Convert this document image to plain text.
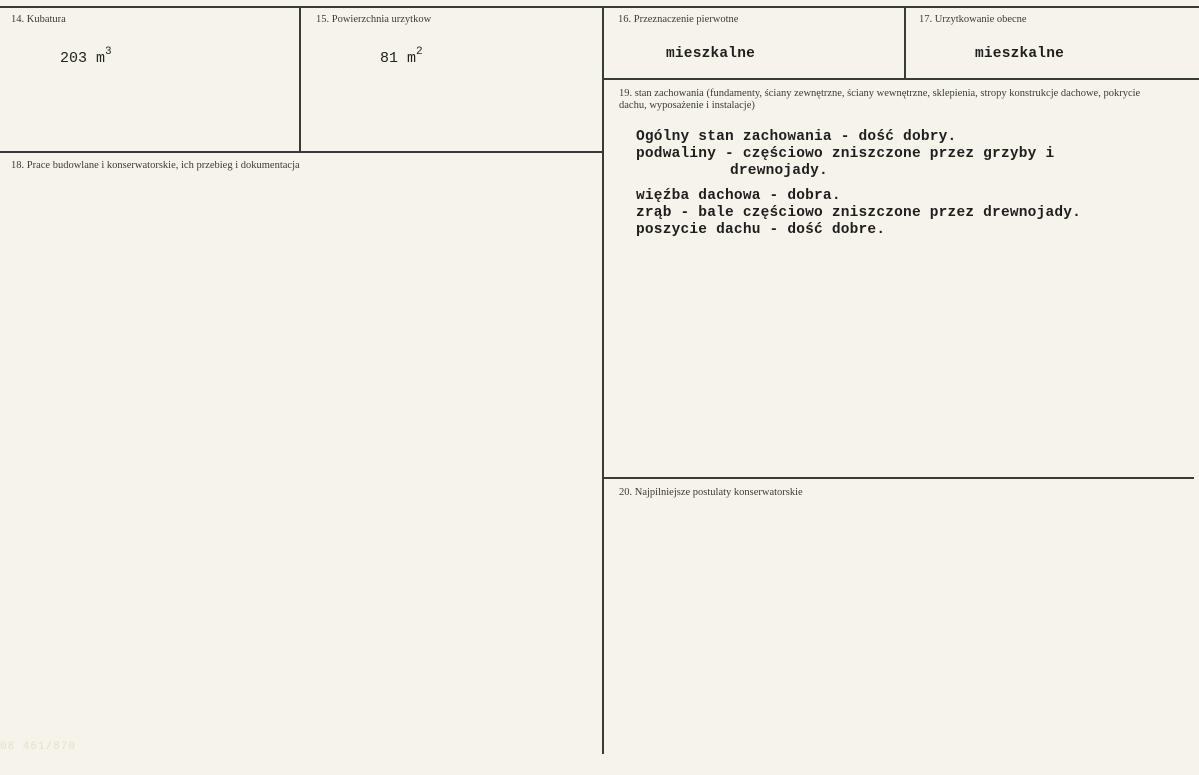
14. Kubatura
203 $m^3$
15. Powierzchnia urzytkow
81 $m^2$
16. Przeznaczenie pierwotne
mieszkalne
17. Urzytkowanie obecne
mieszkalne
18. Prace budowlane i konserwatorskie, ich przebieg i dokumentacja
19. stan zachowania (fundamenty, ściany zewnętrzne, ściany wewnętrzne, sklepienia, stropy konstrukcje dachowe, pokrycie dachu, wyposażenie i instalacje)
Ogólny stan zachowania - dość dobry.
podwaliny - częściowo zniszczone przez grzyby i
drewnojady.
więźba dachowa - dobra.
zrąb - bale częściowo zniszczone przez drewnojady.
poszycie dachu - dość dobre.
20. Najpilniejsze postulaty konserwatorskie
08 461/870
